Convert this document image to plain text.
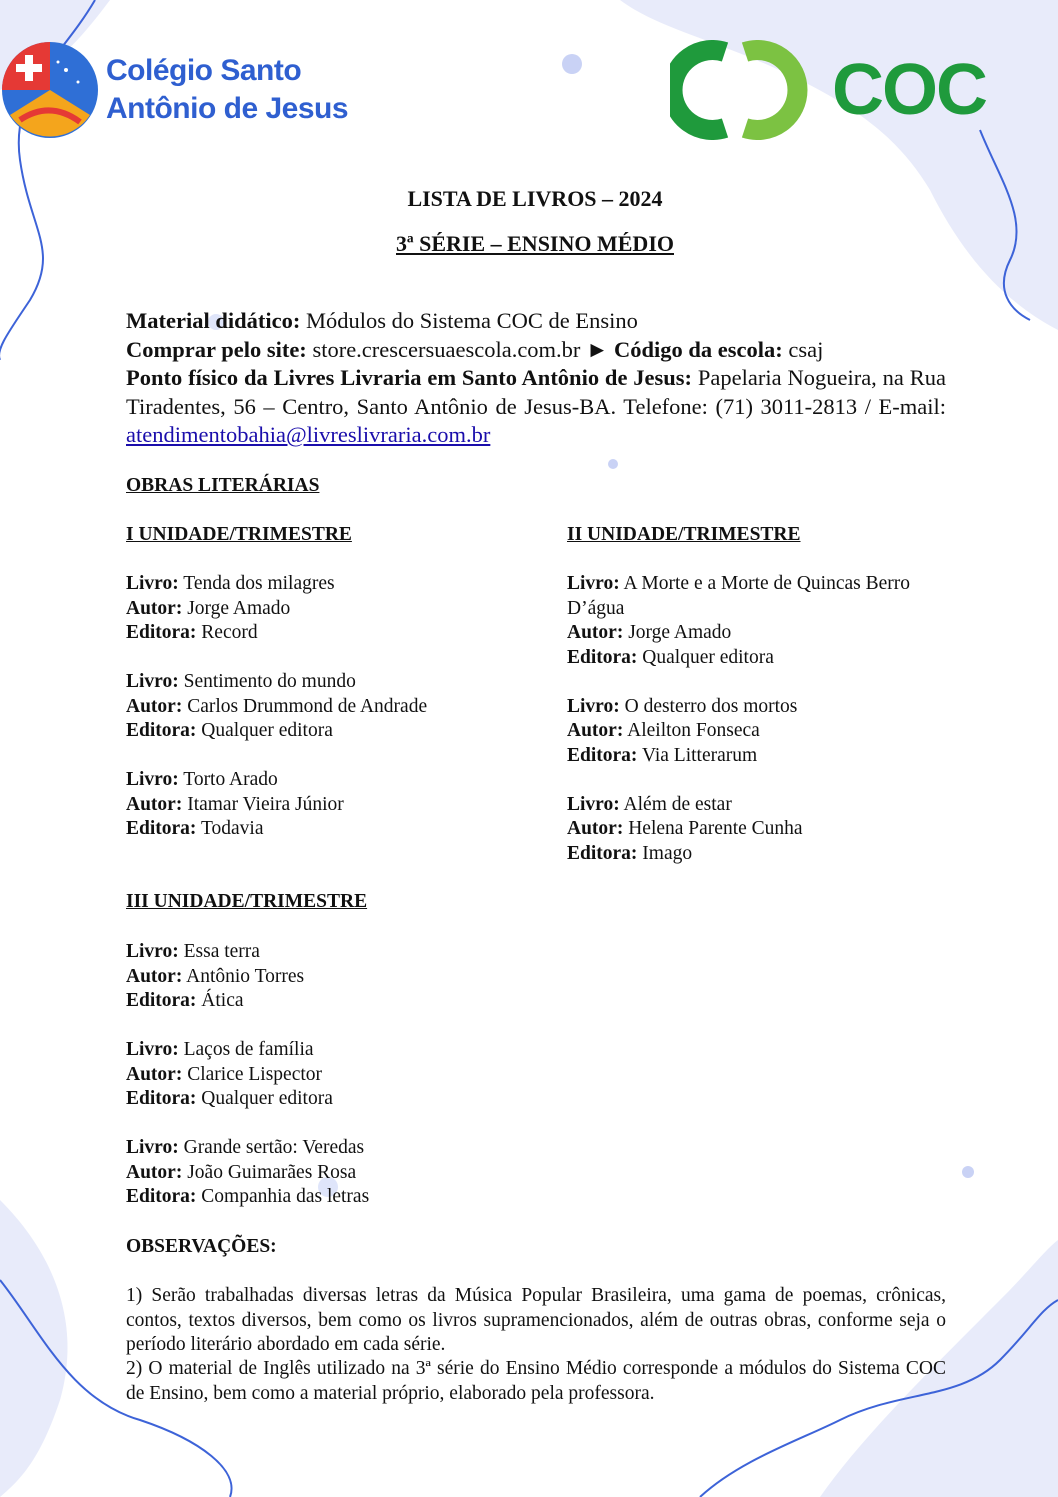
Colégio Santo
Antônio de Jesus	COC
LISTA DE LIVROS – 2024
3ª SÉRIE – ENSINO MÉDIO
Material didático: Módulos do Sistema COC de Ensino
Comprar pelo site: store.crescersuaescola.com.br ► Código da escola: csaj
Ponto físico da Livres Livraria em Santo Antônio de Jesus: Papelaria Nogueira, na Rua Tiradentes, 56 – Centro, Santo Antônio de Jesus-BA. Telefone: (71) 3011-2813 / E-mail: atendimentobahia@livreslivraria.com.br
OBRAS LITERÁRIAS
I UNIDADE/TRIMESTRE
Livro: Tenda dos milagres
Autor: Jorge Amado
Editora: Record
Livro: Sentimento do mundo
Autor: Carlos Drummond de Andrade
Editora: Qualquer editora
Livro: Torto Arado
Autor: Itamar Vieira Júnior
Editora: Todavia
II UNIDADE/TRIMESTRE
Livro: A Morte e a Morte de Quincas Berro D’água
Autor: Jorge Amado
Editora: Qualquer editora
Livro: O desterro dos mortos
Autor: Aleilton Fonseca
Editora: Via Litterarum
Livro: Além de estar
Autor: Helena Parente Cunha
Editora: Imago
III UNIDADE/TRIMESTRE
Livro: Essa terra
Autor: Antônio Torres
Editora: Ática
Livro: Laços de família
Autor: Clarice Lispector
Editora: Qualquer editora
Livro: Grande sertão: Veredas
Autor: João Guimarães Rosa
Editora: Companhia das letras
OBSERVAÇÕES:
1) Serão trabalhadas diversas letras da Música Popular Brasileira, uma gama de poemas, crônicas, contos, textos diversos, bem como os livros supramencionados, além de outras obras, conforme seja o período literário abordado em cada série.
2) O material de Inglês utilizado na 3ª série do Ensino Médio corresponde a módulos do Sistema COC de Ensino, bem como a material próprio, elaborado pela professora.
